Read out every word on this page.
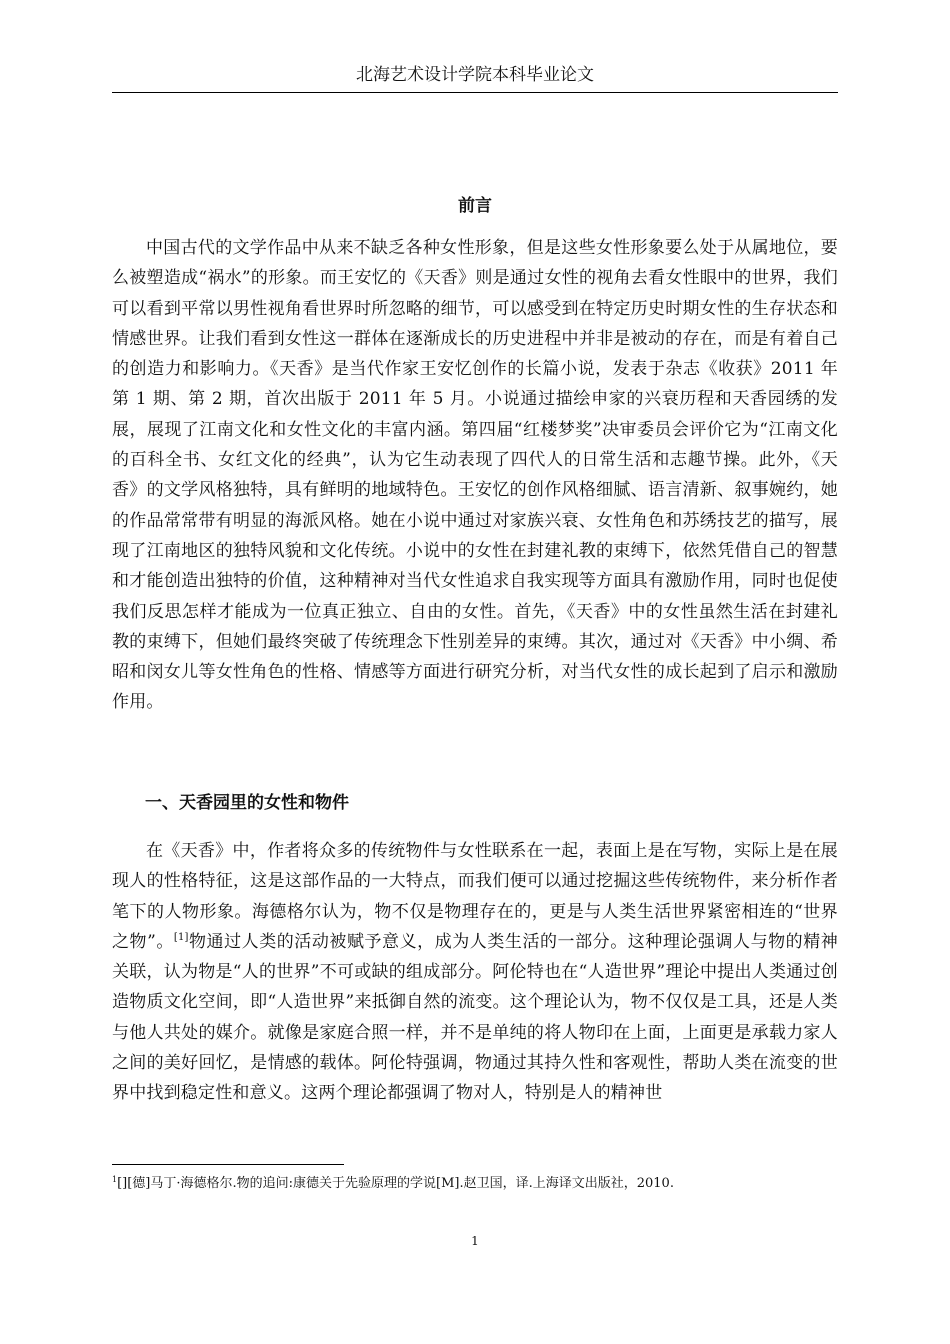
北海艺术设计学院本科毕业论文
前言

中国古代的文学作品中从来不缺乏各种女性形象，但是这些女性形象要么处于从属地位，要么被塑造成“祸水”的形象。而王安忆的《天香》则是通过女性的视角去看女性眼中的世界，我们可以看到平常以男性视角看世界时所忽略的细节，可以感受到在特定历史时期女性的生存状态和情感世界。让我们看到女性这一群体在逐渐成长的历史进程中并非是被动的存在，而是有着自己的创造力和影响力。《天香》是当代作家王安忆创作的长篇小说，发表于杂志《收获》2011 年第 1 期、第 2 期，首次出版于 2011 年 5 月。小说通过描绘申家的兴衰历程和天香园绣的发展，展现了江南文化和女性文化的丰富内涵。第四届“红楼梦奖”决审委员会评价它为“江南文化的百科全书、女红文化的经典”，认为它生动表现了四代人的日常生活和志趣节操。此外，《天香》的文学风格独特，具有鲜明的地域特色。王安忆的创作风格细腻、语言清新、叙事婉约，她的作品常常带有明显的海派风格。她在小说中通过对家族兴衰、女性角色和苏绣技艺的描写，展现了江南地区的独特风貌和文化传统。小说中的女性在封建礼教的束缚下，依然凭借自己的智慧和才能创造出独特的价值，这种精神对当代女性追求自我实现等方面具有激励作用，同时也促使我们反思怎样才能成为一位真正独立、自由的女性。首先，《天香》中的女性虽然生活在封建礼教的束缚下，但她们最终突破了传统理念下性别差异的束缚。其次，通过对《天香》中小绸、希昭和闵女儿等女性角色的性格、情感等方面进行研究分析，对当代女性的成长起到了启示和激励作用。

一、天香园里的女性和物件

在《天香》中，作者将众多的传统物件与女性联系在一起，表面上是在写物，实际上是在展现人的性格特征，这是这部作品的一大特点，而我们便可以通过挖掘这些传统物件，来分析作者笔下的人物形象。海德格尔认为，物不仅是物理存在的，更是与人类生活世界紧密相连的“世界之物”。[1]物通过人类的活动被赋予意义，成为人类生活的一部分。这种理论强调人与物的精神关联，认为物是“人的世界”不可或缺的组成部分。阿伦特也在“人造世界”理论中提出人类通过创造物质文化空间，即“人造世界”来抵御自然的流变。这个理论认为，物不仅仅是工具，还是人类与他人共处的媒介。就像是家庭合照一样，并不是单纯的将人物印在上面，上面更是承载力家人之间的美好回忆，是情感的载体。阿伦特强调，物通过其持久性和客观性，帮助人类在流变的世界中找到稳定性和意义。这两个理论都强调了物对人，特别是人的精神世

$^1$[][德]马丁·海德格尔.物的追问:康德关于先验原理的学说[M].赵卫国，译.上海译文出版社，2010.

1
